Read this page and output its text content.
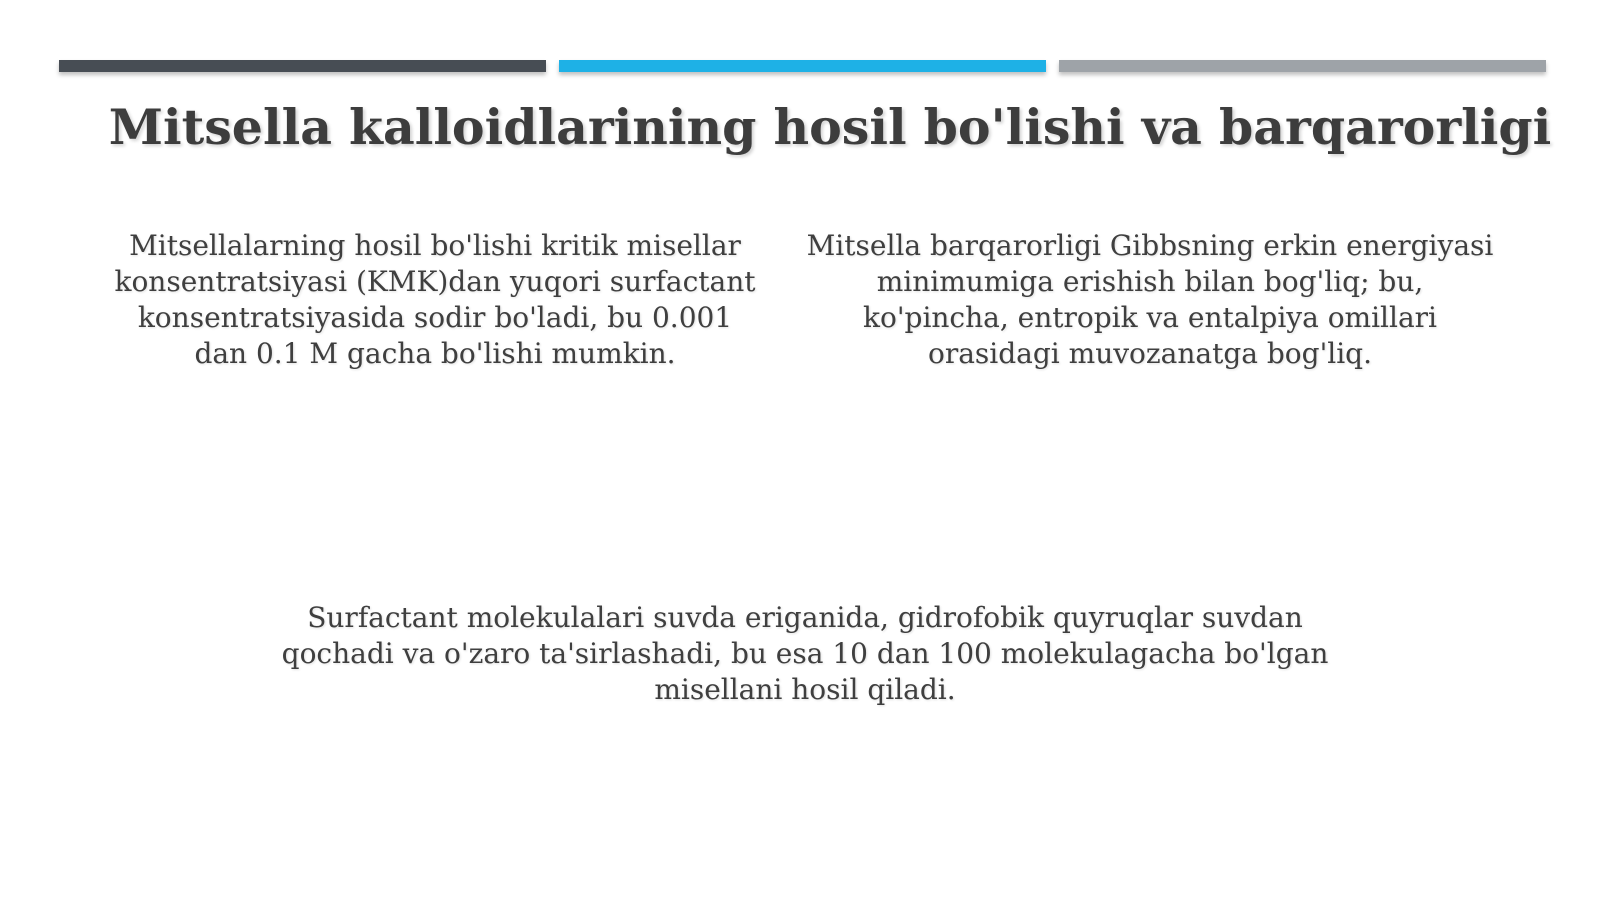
Mitsella kalloidlarining hosil bo'lishi va barqarorligi

Mitsellalarning hosil bo'lishi kritik misellar konsentratsiyasi (KMK)dan yuqori surfactant konsentratsiyasida sodir bo'ladi, bu 0.001 dan 0.1 M gacha bo'lishi mumkin.

Mitsella barqarorligi Gibbsning erkin energiyasi minimumiga erishish bilan bog'liq; bu, ko'pincha, entropik va entalpiya omillari orasidagi muvozanatga bog'liq.

Surfactant molekulalari suvda eriganida, gidrofobik quyruqlar suvdan qochadi va o'zaro ta'sirlashadi, bu esa 10 dan 100 molekulagacha bo'lgan misellani hosil qiladi.
